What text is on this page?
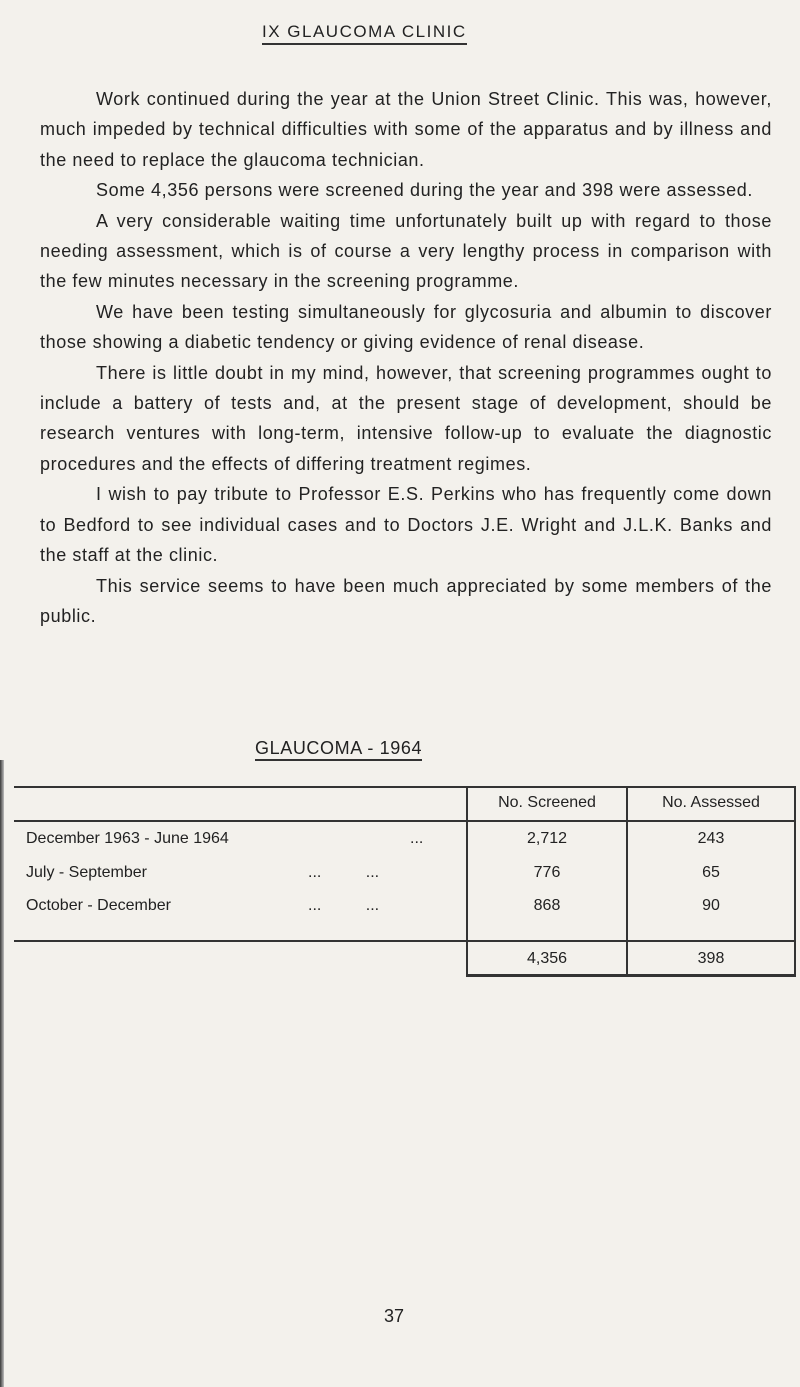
IX GLAUCOMA CLINIC

Work continued during the year at the Union Street Clinic. This was, however, much impeded by technical difficulties with some of the apparatus and by illness and the need to replace the glaucoma technician.

Some 4,356 persons were screened during the year and 398 were assessed.

A very considerable waiting time unfortunately built up with regard to those needing assessment, which is of course a very lengthy process in comparison with the few minutes necessary in the screening programme.

We have been testing simultaneously for glycosuria and albumin to discover those showing a diabetic tendency or giving evidence of renal disease.

There is little doubt in my mind, however, that screening programmes ought to include a battery of tests and, at the present stage of development, should be research ventures with long-term, intensive follow-up to evaluate the diagnostic procedures and the effects of differing treatment regimes.

I wish to pay tribute to Professor E.S. Perkins who has frequently come down to Bedford to see individual cases and to Doctors J.E. Wright and J.L.K. Banks and the staff at the clinic.

This service seems to have been much appreciated by some members of the public.

GLAUCOMA - 1964
No. Screened	No. Assessed
December 1963 - June 1964	...	2,712	243
July - September	...          ...	776	65
October - December	...          ...	868	90
4,356	398
37
